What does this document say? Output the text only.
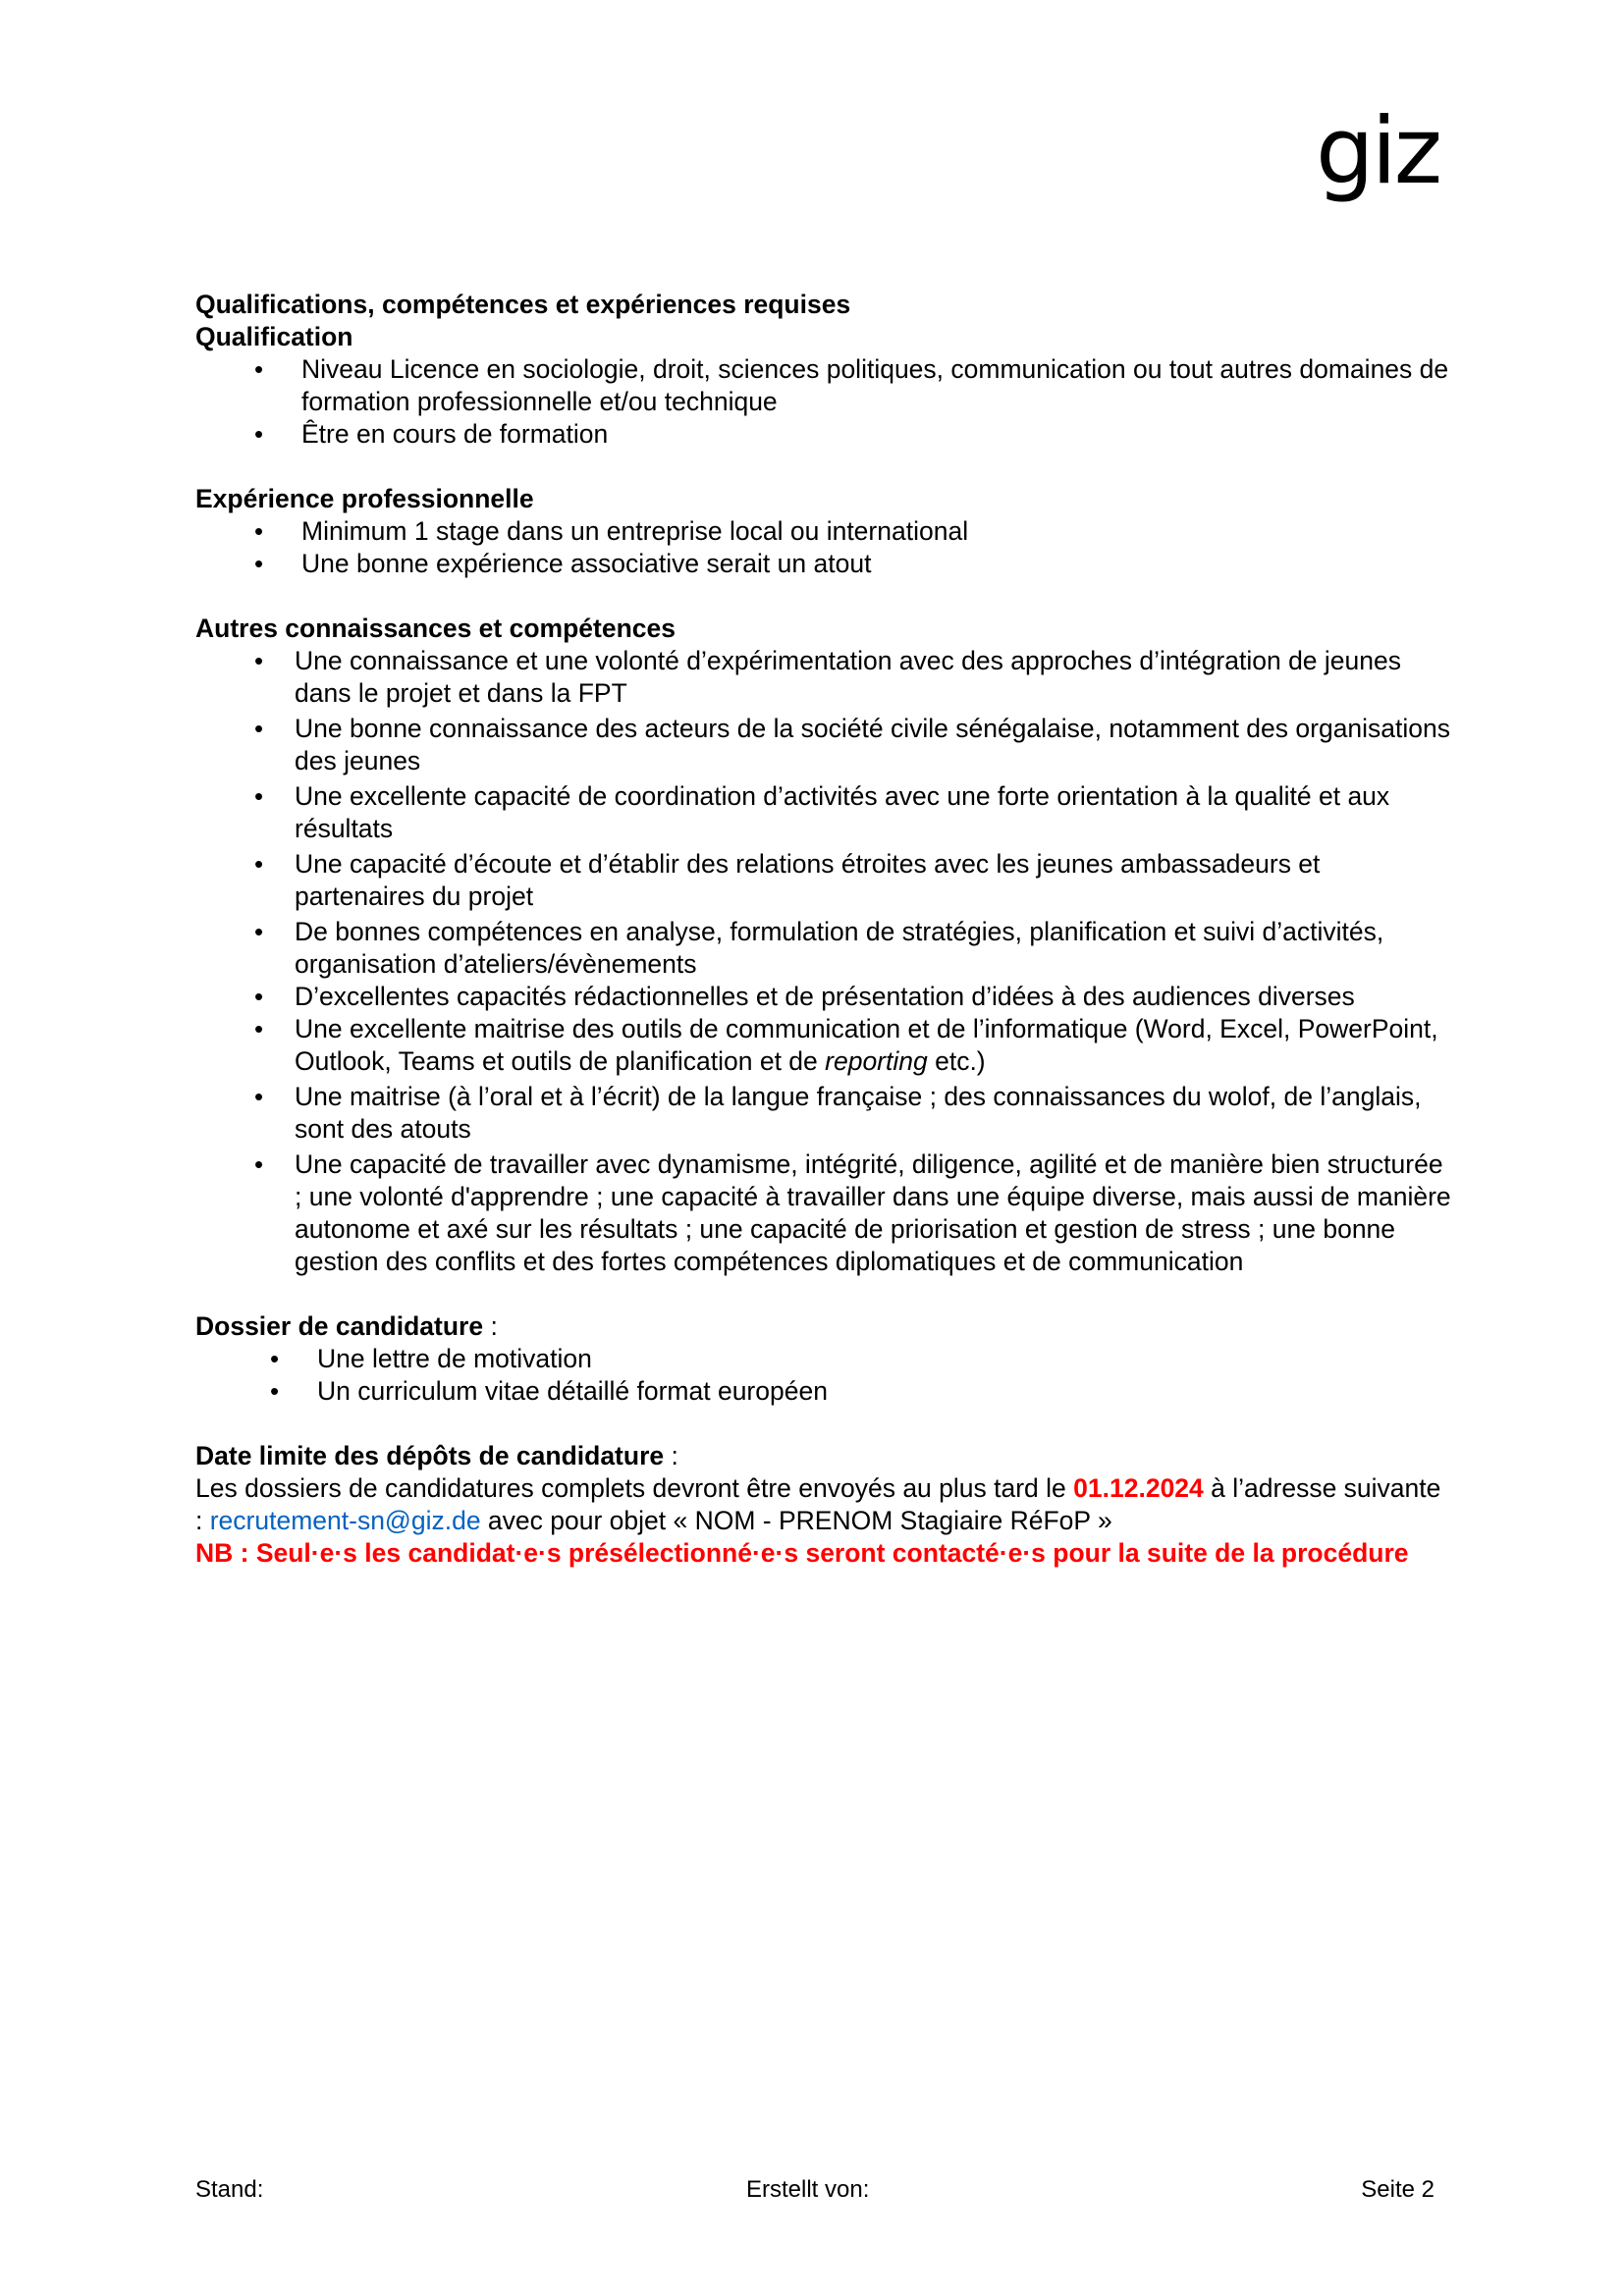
giz

Qualifications, compétences et expériences requises

Qualification

• Niveau Licence en sociologie, droit, sciences politiques, communication ou tout autres domaines de formation professionnelle et/ou technique
• Être en cours de formation

Expérience professionnelle

• Minimum 1 stage dans un entreprise local ou international
• Une bonne expérience associative serait un atout

Autres connaissances et compétences

• Une connaissance et une volonté d’expérimentation avec des approches d’intégration de jeunes dans le projet et dans la FPT
• Une bonne connaissance des acteurs de la société civile sénégalaise, notamment des organisations des jeunes
• Une excellente capacité de coordination d’activités avec une forte orientation à la qualité et aux résultats
• Une capacité d’écoute et d’établir des relations étroites avec les jeunes ambassadeurs et partenaires du projet
• De bonnes compétences en analyse, formulation de stratégies, planification et suivi d’activités, organisation d’ateliers/évènements
• D’excellentes capacités rédactionnelles et de présentation d’idées à des audiences diverses
• Une excellente maitrise des outils de communication et de l’informatique (Word, Excel, PowerPoint, Outlook, Teams et outils de planification et de reporting etc.)
• Une maitrise (à l’oral et à l’écrit) de la langue française ; des connaissances du wolof, de l’anglais, sont des atouts
• Une capacité de travailler avec dynamisme, intégrité, diligence, agilité et de manière bien structurée ; une volonté d'apprendre ; une capacité à travailler dans une équipe diverse, mais aussi de manière autonome et axé sur les résultats ; une capacité de priorisation et gestion de stress ; une bonne gestion des conflits et des fortes compétences diplomatiques et de communication

Dossier de candidature :

• Une lettre de motivation
• Un curriculum vitae détaillé format européen

Date limite des dépôts de candidature :

Les dossiers de candidatures complets devront être envoyés au plus tard le 01.12.2024 à l’adresse suivante : recrutement-sn@giz.de avec pour objet « NOM - PRENOM Stagiaire RéFoP »

NB : Seul·e·s les candidat·e·s présélectionné·e·s seront contacté·e·s pour la suite de la procédure

Stand:	Erstellt von:	Seite 2
